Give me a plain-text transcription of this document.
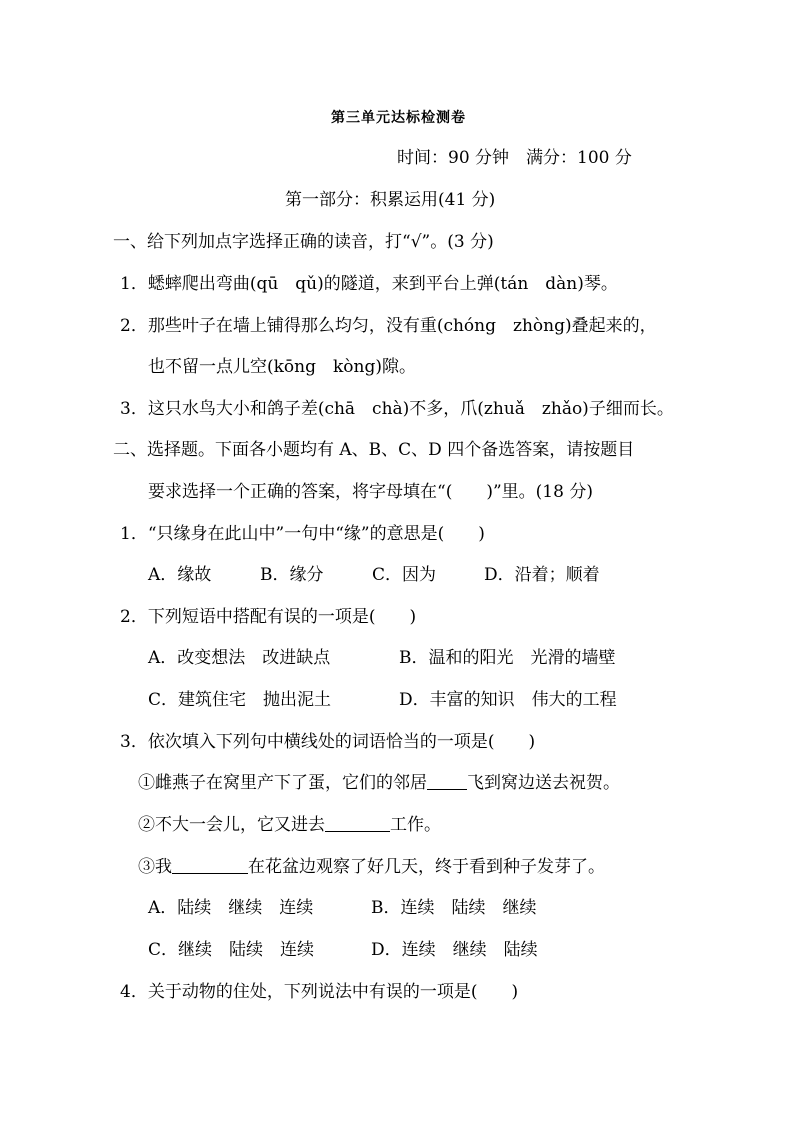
第三单元达标检测卷
时间：90 分钟　满分：100 分
第一部分：积累运用(41 分)
一、给下列加点字选择正确的读音，打“√”。(3 分)
1．蟋蟀爬出弯曲(qū　qǔ)的隧道，来到平台上弹(tán　dàn)琴。
2．那些叶子在墙上铺得那么均匀，没有重(chóng　zhòng)叠起来的，
也不留一点儿空(kōng　kòng)隙。
3．这只水鸟大小和鸽子差(chā　chà)不多，爪(zhuǎ　zhǎo)子细而长。
二、选择题。下面各小题均有 A、B、C、D 四个备选答案，请按题目
要求选择一个正确的答案，将字母填在“(　　)”里。(18 分)
1．“只缘身在此山中”一句中“缘”的意思是(　　)
A．缘故	B．缘分	C．因为	D．沿着；顺着
2．下列短语中搭配有误的一项是(　　)
A．改变想法　改进缺点	B．温和的阳光　光滑的墙壁
C．建筑住宅　抛出泥土	D．丰富的知识　伟大的工程
3．依次填入下列句中横线处的词语恰当的一项是(　　)
①雌燕子在窝里产下了蛋，它们的邻居 飞到窝边送去祝贺。
②不大一会儿，它又进去	工作。
③我	在花盆边观察了好几天，终于看到种子发芽了。
A．陆续　继续　连续	B．连续　陆续　继续
C．继续　陆续　连续	D．连续　继续　陆续
4．关于动物的住处，下列说法中有误的一项是(　　)
